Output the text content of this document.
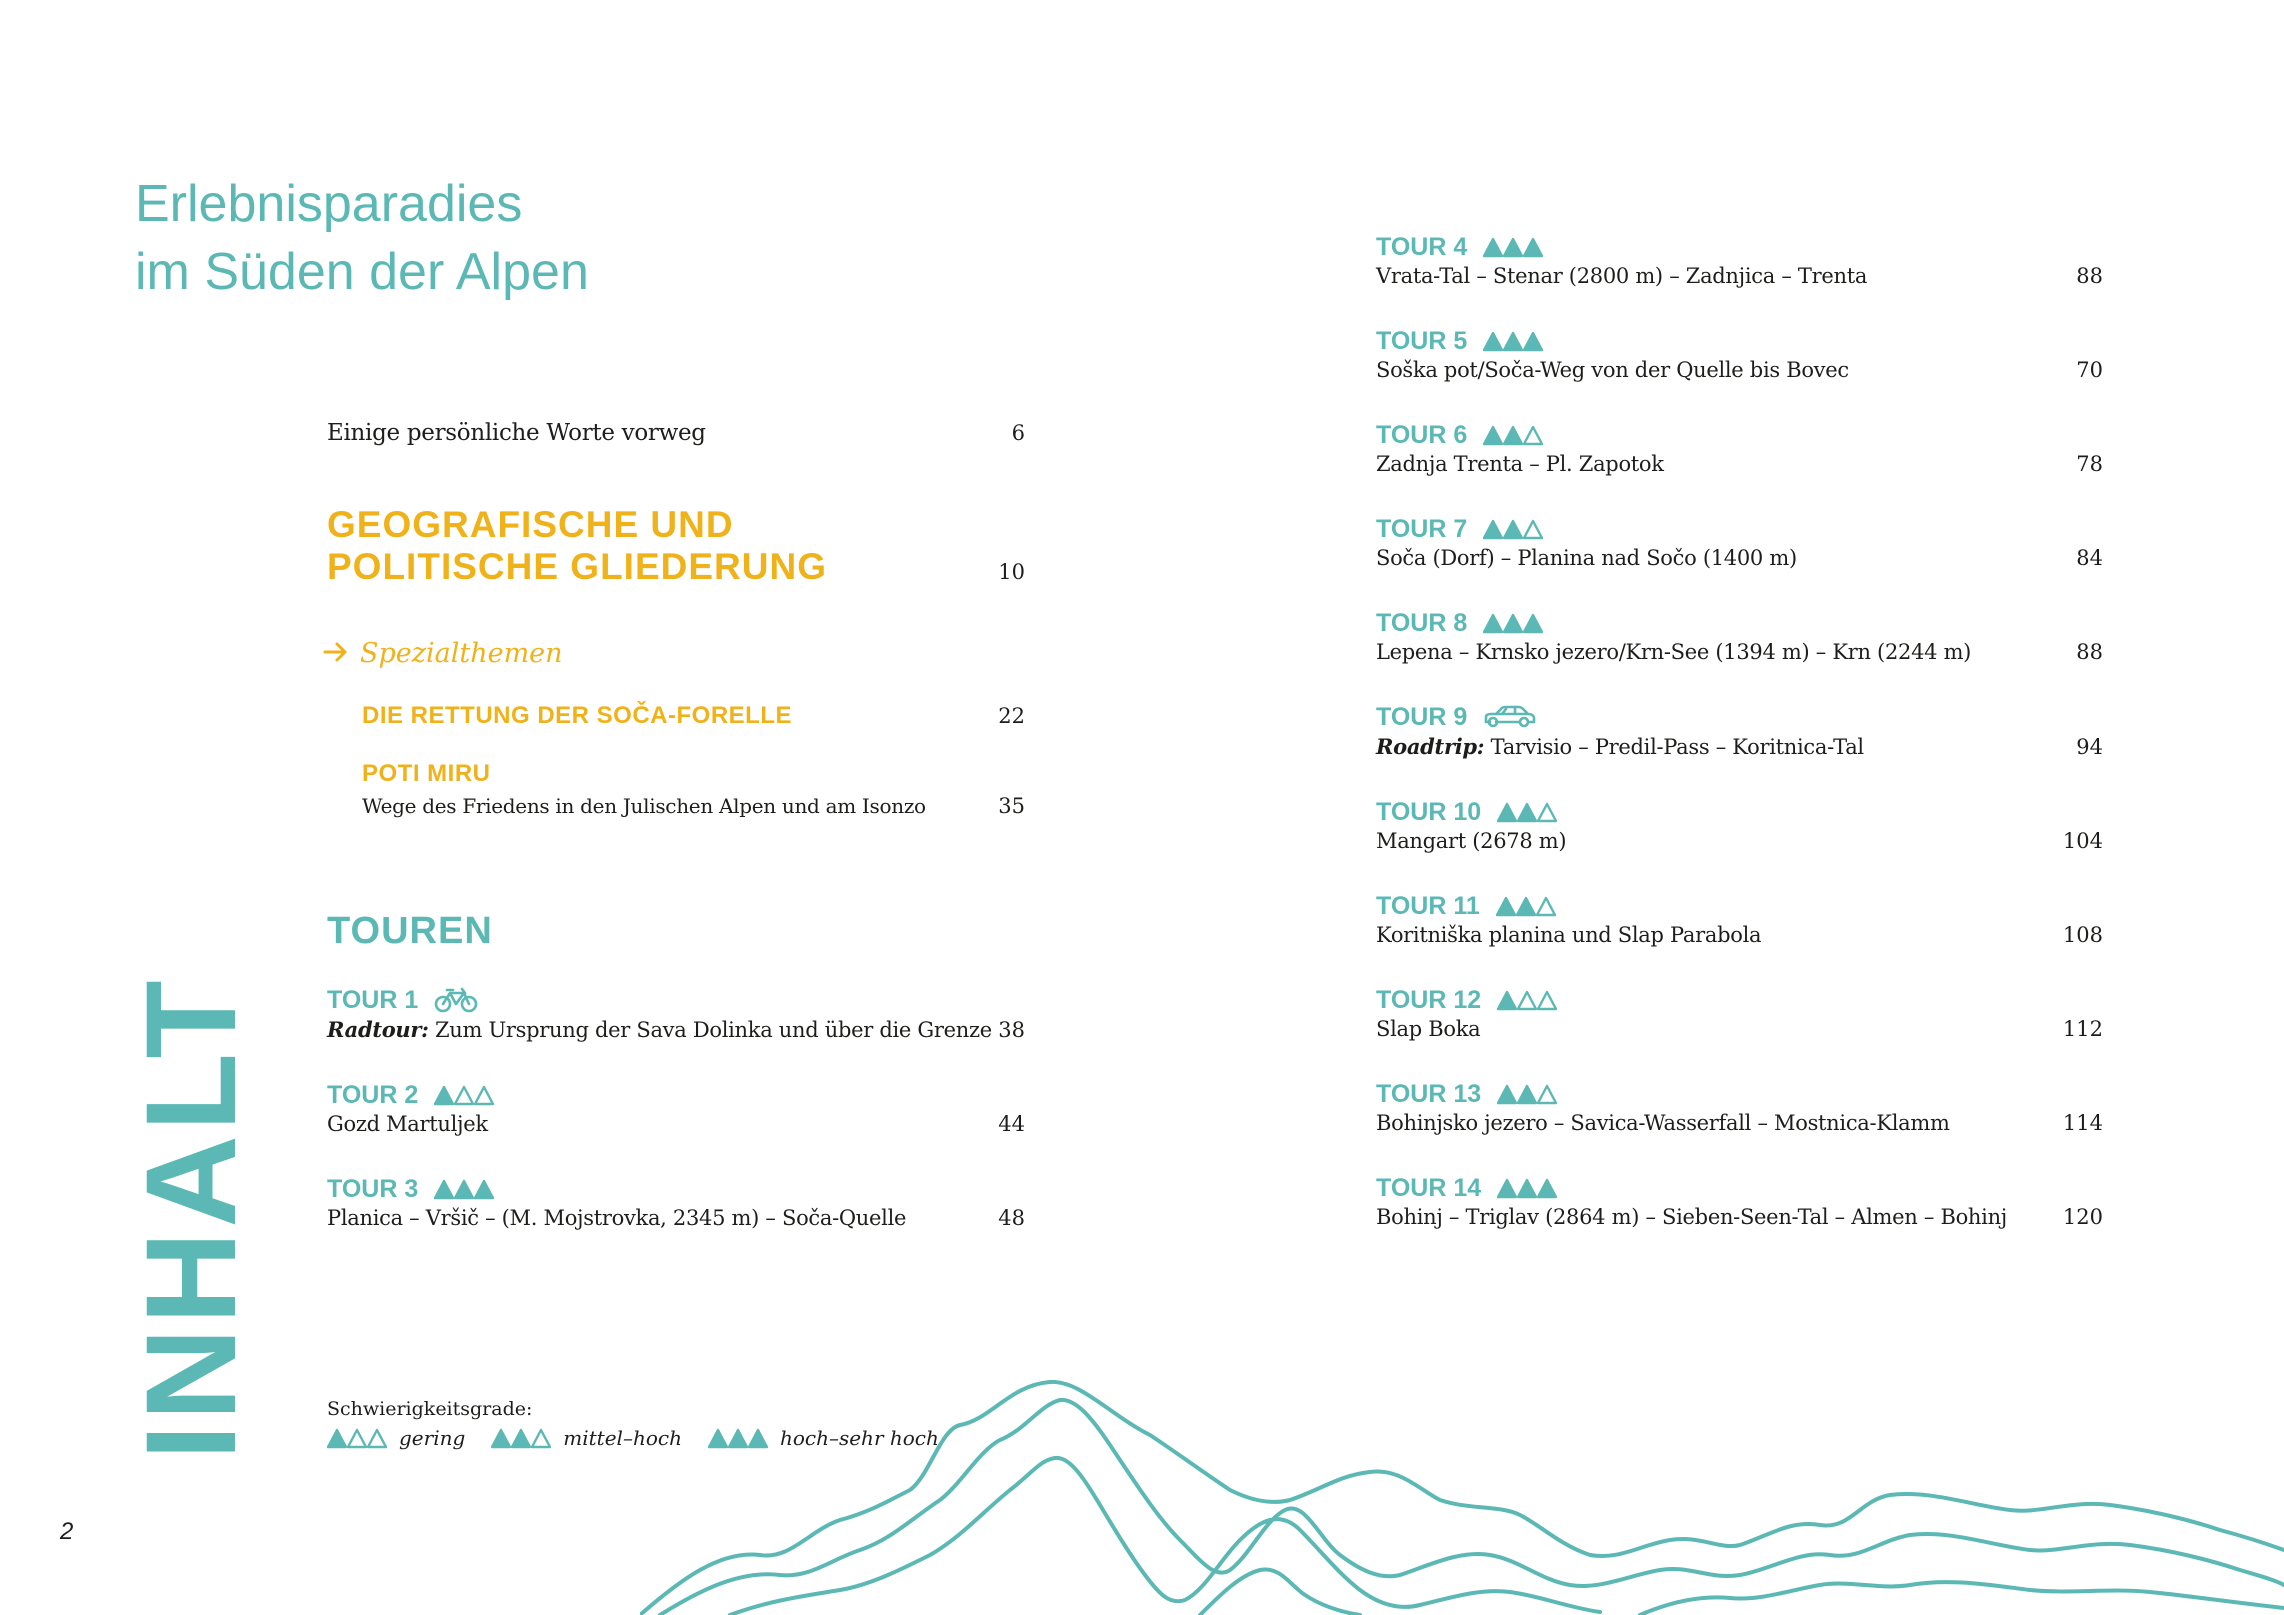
Erlebnisparadies
im Süden der Alpen
INHALT
2
Einige persönliche Worte vorweg	6
GEOGRAFISCHE UND
POLITISCHE GLIEDERUNG	10
Spezialthemen
DIE RETTUNG DER SOČA-FORELLE	22
POTI MIRU
Wege des Friedens in den Julischen Alpen und am Isonzo	35
TOUREN
TOUR 1
Radtour: Zum Ursprung der Sava Dolinka und über die Grenze 38
TOUR 2
Gozd Martuljek	44
TOUR 3
Planica – Vršič – (M. Mojstrovka, 2345 m) – Soča-Quelle	48
TOUR 4
Vrata-Tal – Stenar (2800 m) – Zadnjica – Trenta	88
TOUR 5
Soška pot/Soča-Weg von der Quelle bis Bovec	70
TOUR 6
Zadnja Trenta – Pl. Zapotok	78
TOUR 7
Soča (Dorf) – Planina nad Sočo (1400 m)	84
TOUR 8
Lepena – Krnsko jezero/Krn-See (1394 m) – Krn (2244 m)	88
TOUR 9
Roadtrip: Tarvisio – Predil-Pass – Koritnica-Tal	94
TOUR 10
Mangart (2678 m)	104
TOUR 11
Koritniška planina und Slap Parabola	108
TOUR 12
Slap Boka	112
TOUR 13
Bohinjsko jezero – Savica-Wasserfall – Mostnica-Klamm	114
TOUR 14
Bohinj – Triglav (2864 m) – Sieben-Seen-Tal – Almen – Bohinj	120
Schwierigkeitsgrade:
gering	mittel–hoch	hoch–sehr hoch
